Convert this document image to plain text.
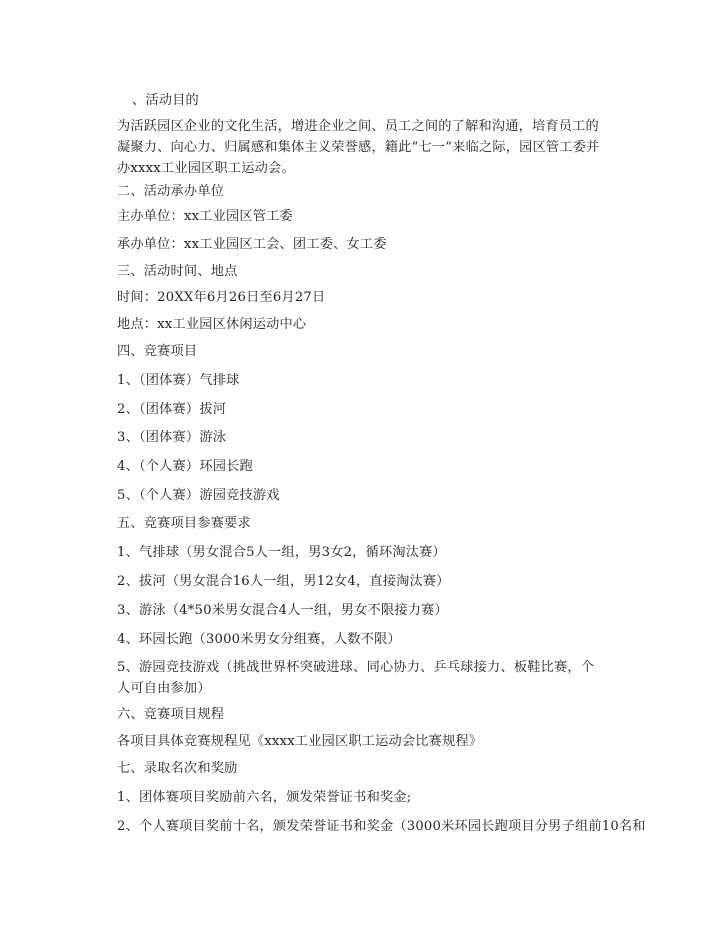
、活动目的
为活跃园区企业的文化生活，增进企业之间、员工之间的了解和沟通，培育员工的凝聚力、向心力、归属感和集体主义荣誉感，籍此“七一”来临之际，园区管工委并办xxxx工业园区职工运动会。
二、活动承办单位
主办单位：xx工业园区管工委
承办单位：xx工业园区工会、团工委、女工委
三、活动时间、地点
时间：20XX年6月26日至6月27日
地点：xx工业园区休闲运动中心
四、竞赛项目
1、（团体赛）气排球
2、（团体赛）拔河
3、（团体赛）游泳
4、（个人赛）环园长跑
5、（个人赛）游园竞技游戏
五、竞赛项目参赛要求
1、气排球（男女混合5人一组，男3女2，循环淘汰赛）
2、拔河（男女混合16人一组，男12女4，直接淘汰赛）
3、游泳（4*50米男女混合4人一组，男女不限接力赛）
4、环园长跑（3000米男女分组赛，人数不限）
5、游园竞技游戏（挑战世界杯突破进球、同心协力、乒乓球接力、板鞋比赛，个人可自由参加）
六、竞赛项目规程
各项目具体竞赛规程见《xxxx工业园区职工运动会比赛规程》
七、录取名次和奖励
1、团体赛项目奖励前六名，颁发荣誉证书和奖金;
2、个人赛项目奖前十名，颁发荣誉证书和奖金（3000米环园长跑项目分男子组前10名和
